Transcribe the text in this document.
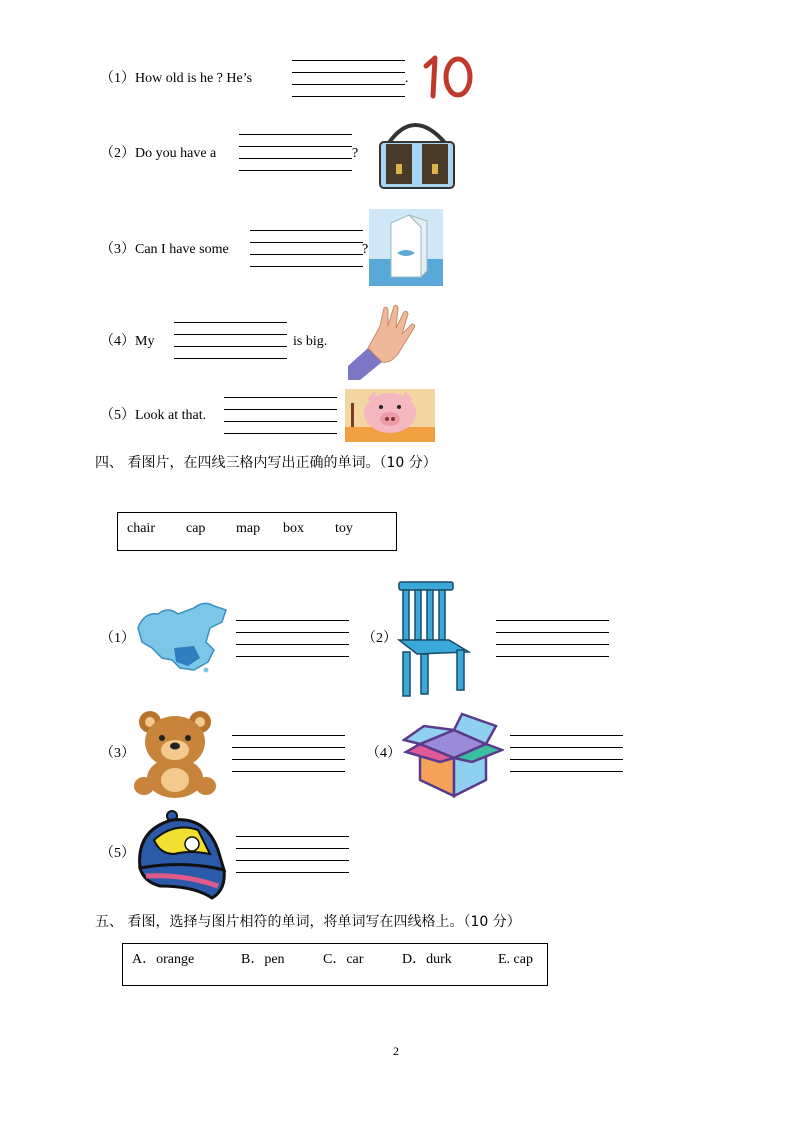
（1） How old is he ? He’s	.
（2） Do you have a	?
（3） Can I have some	?
（4） My	is big.
（5） Look at that.
四、 看图片，在四线三格内写出正确的单词。（10 分）
chair cap map box toy
（1）	（2）
（3）	（4）
（5）
五、 看图，选择与图片相符的单词，将单词写在四线格上。（10 分）
A．orange	B．pen	C．car	D．durk	E. cap
2
